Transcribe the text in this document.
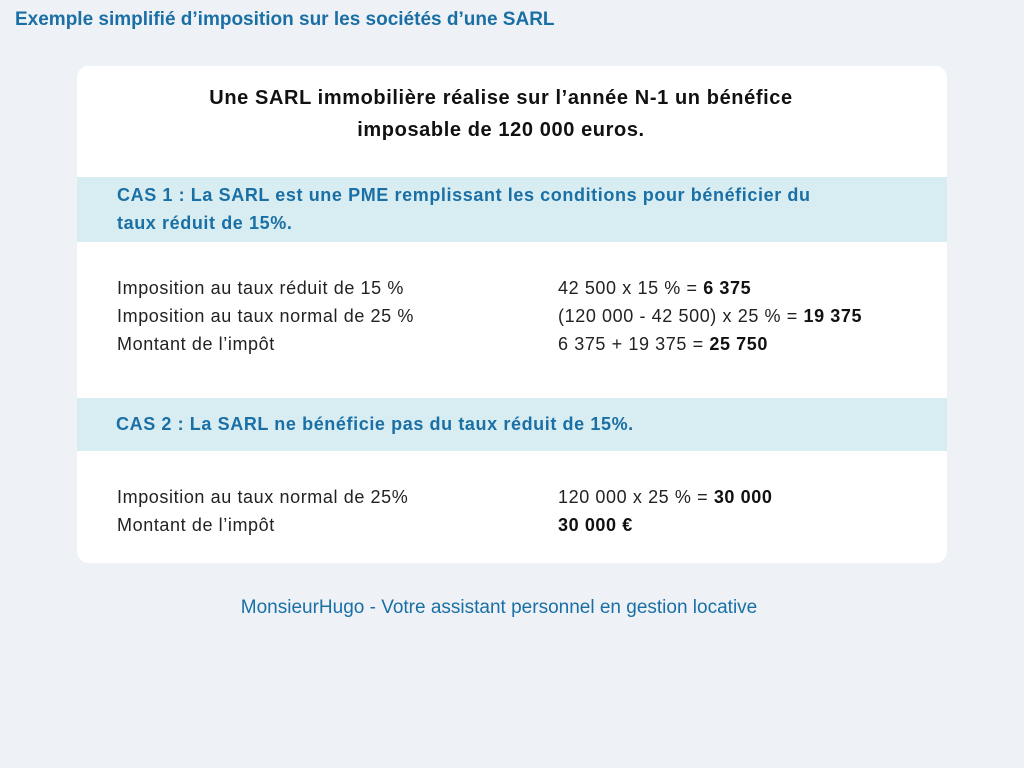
Exemple simplifié d’imposition sur les sociétés d’une SARL
Une SARL immobilière réalise sur l’année N-1 un bénéfice
imposable de 120 000 euros.
CAS 1 : La SARL est une PME remplissant les conditions pour bénéficier du
taux réduit de 15%.
Imposition au taux réduit de 15 %	42 500 x 15 % = 6 375
Imposition au taux normal de 25 %	(120 000 - 42 500) x 25 % = 19 375
Montant de l’impôt	6 375 + 19 375 = 25 750
CAS 2 : La SARL ne bénéficie pas du taux réduit de 15%.
Imposition au taux normal de 25%	120 000 x 25 % = 30 000
Montant de l’impôt	30 000 €
MonsieurHugo - Votre assistant personnel en gestion locative
